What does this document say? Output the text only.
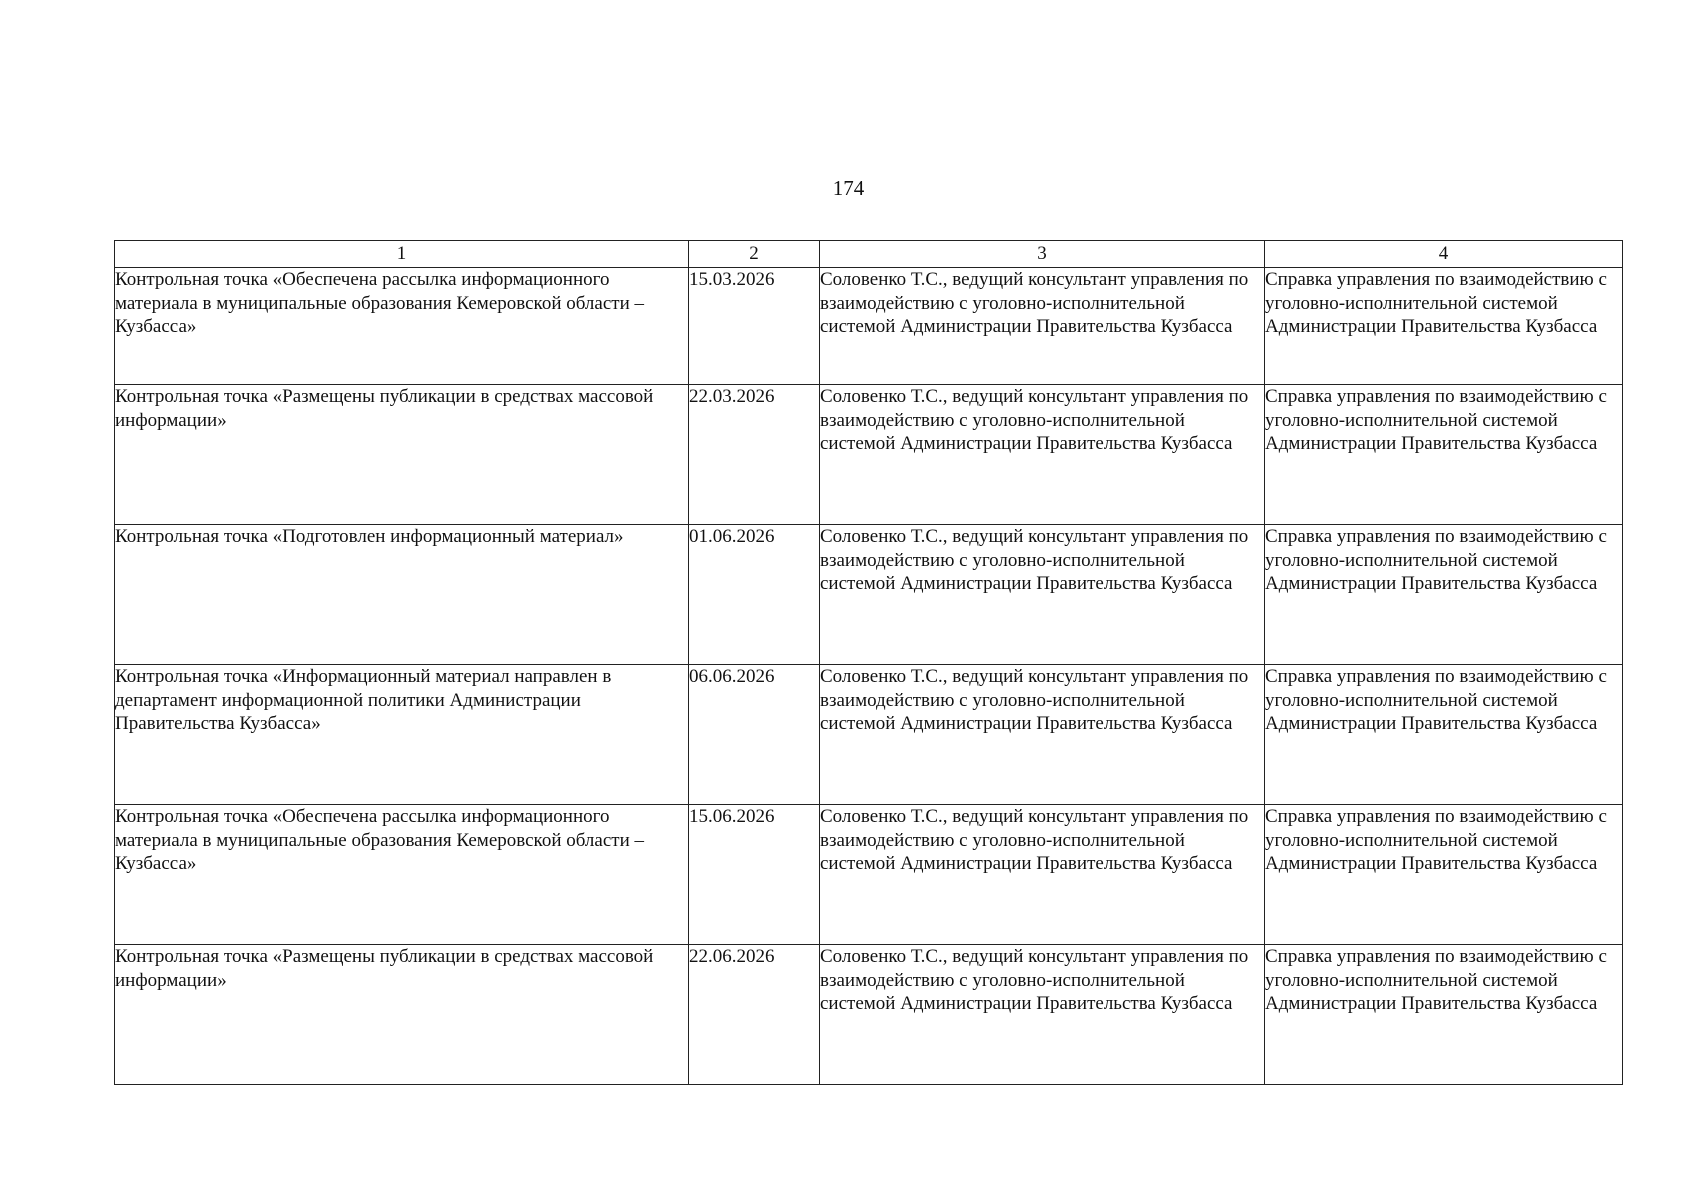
174
1	2	3	4
Контрольная точка «Обеспечена рассылка информационного материала в муниципальные образования Кемеровской области – Кузбасса»	15.03.2026	Соловенко Т.С., ведущий консультант управления по взаимодействию с уголовно-исполнительной системой Администрации Правительства Кузбасса	Справка управления по взаимодействию с уголовно-исполнительной системой Администрации Правительства Кузбасса
Контрольная точка «Размещены публикации в средствах массовой информации»	22.03.2026	Соловенко Т.С., ведущий консультант управления по взаимодействию с уголовно-исполнительной системой Администрации Правительства Кузбасса	Справка управления по взаимодействию с уголовно-исполнительной системой Администрации Правительства Кузбасса
Контрольная точка «Подготовлен информационный материал»	01.06.2026	Соловенко Т.С., ведущий консультант управления по взаимодействию с уголовно-исполнительной системой Администрации Правительства Кузбасса	Справка управления по взаимодействию с уголовно-исполнительной системой Администрации Правительства Кузбасса
Контрольная точка «Информационный материал направлен в департамент информационной политики Администрации Правительства Кузбасса»	06.06.2026	Соловенко Т.С., ведущий консультант управления по взаимодействию с уголовно-исполнительной системой Администрации Правительства Кузбасса	Справка управления по взаимодействию с уголовно-исполнительной системой Администрации Правительства Кузбасса
Контрольная точка «Обеспечена рассылка информационного материала в муниципальные образования Кемеровской области – Кузбасса»	15.06.2026	Соловенко Т.С., ведущий консультант управления по взаимодействию с уголовно-исполнительной системой Администрации Правительства Кузбасса	Справка управления по взаимодействию с уголовно-исполнительной системой Администрации Правительства Кузбасса
Контрольная точка «Размещены публикации в средствах массовой информации»	22.06.2026	Соловенко Т.С., ведущий консультант управления по взаимодействию с уголовно-исполнительной системой Администрации Правительства Кузбасса	Справка управления по взаимодействию с уголовно-исполнительной системой Администрации Правительства Кузбасса
